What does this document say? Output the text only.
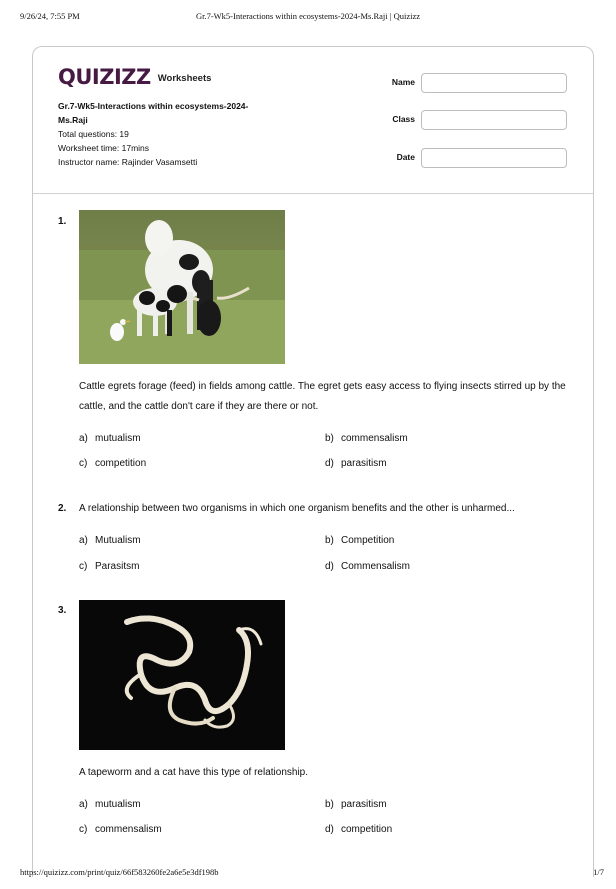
9/26/24, 7:55 PM	Gr.7-Wk5-Interactions within ecosystems-2024-Ms.Raji | Quizizz
QUIZIZZ Worksheets
Gr.7-Wk5-Interactions within ecosystems-2024-Ms.Raji
Total questions: 19
Worksheet time: 17mins
Instructor name: Rajinder Vasamsetti
Name
Class
Date
1.
Cattle egrets forage (feed) in fields among cattle. The egret gets easy access to flying insects stirred up by the cattle, and the cattle don't care if they are there or not.
a) mutualism	b) commensalism
c) competition	d) parasitism
2. A relationship between two organisms in which one organism benefits and the other is unharmed...
a) Mutualism	b) Competition
c) Parasitsm	d) Commensalism
3.
A tapeworm and a cat have this type of relationship.
a) mutualism	b) parasitism
c) commensalism	d) competition
https://quizizz.com/print/quiz/66f583260fe2a6e5e3df198b	1/7
